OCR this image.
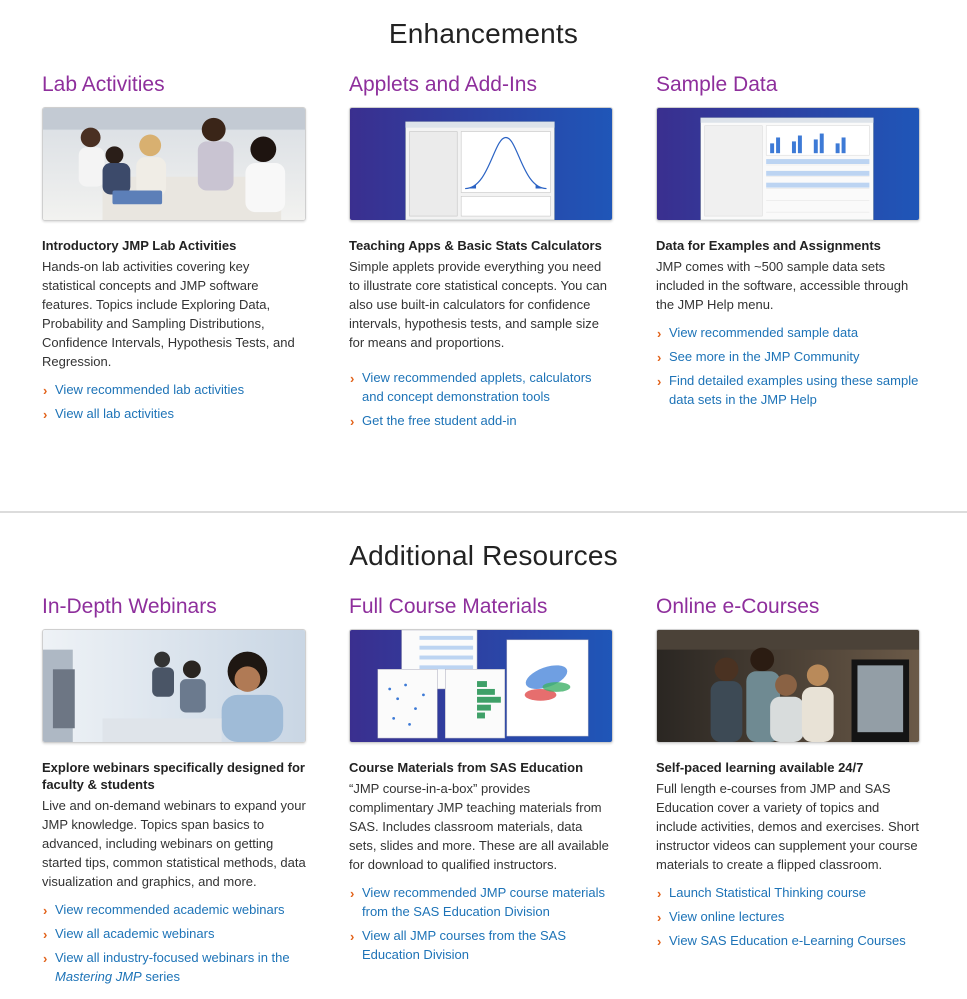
Enhancements
Lab Activities
Introductory JMP Lab Activities

Hands-on lab activities covering key statistical concepts and JMP software features. Topics include Exploring Data, Probability and Sampling Distributions, Confidence Intervals, Hypothesis Tests, and Regression.

› View recommended lab activities
› View all lab activities
Applets and Add-Ins
Teaching Apps & Basic Stats Calculators

Simple applets provide everything you need to illustrate core statistical concepts. You can also use built-in calculators for confidence intervals, hypothesis tests, and sample size for means and proportions.

› View recommended applets, calculators and concept demonstration tools
› Get the free student add-in
Sample Data
Data for Examples and Assignments

JMP comes with ~500 sample data sets included in the software, accessible through the JMP Help menu.

› View recommended sample data
› See more in the JMP Community
› Find detailed examples using these sample data sets in the JMP Help
Additional Resources
In-Depth Webinars
Explore webinars specifically designed for faculty & students

Live and on-demand webinars to expand your JMP knowledge. Topics span basics to advanced, including webinars on getting started tips, common statistical methods, data visualization and graphics, and more.

› View recommended academic webinars
› View all academic webinars
› View all industry-focused webinars in the Mastering JMP series
Full Course Materials
Course Materials from SAS Education

“JMP course-in-a-box” provides complimentary JMP teaching materials from SAS. Includes classroom materials, data sets, slides and more. These are all available for download to qualified instructors.

› View recommended JMP course materials from the SAS Education Division
› View all JMP courses from the SAS Education Division
Online e-Courses
Self-paced learning available 24/7

Full length e-courses from JMP and SAS Education cover a variety of topics and include activities, demos and exercises. Short instructor videos can supplement your course materials to create a flipped classroom.

› Launch Statistical Thinking course
› View online lectures
› View SAS Education e-Learning Courses
